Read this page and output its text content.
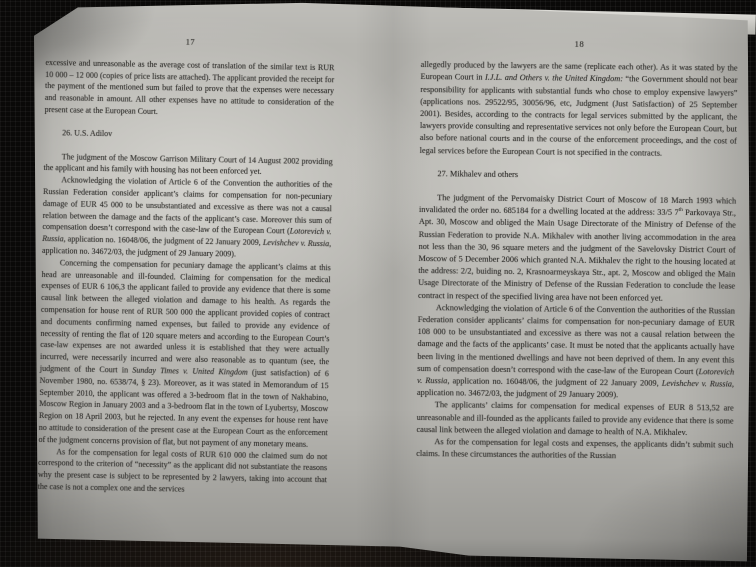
17

excessive and unreasonable as the average cost of translation of the similar text is RUR 10 000 – 12 000 (copies of price lists are attached). The applicant provided the receipt for the payment of the mentioned sum but failed to prove that the expenses were necessary and reasonable in amount. All other expenses have no attitude to consideration of the present case at the European Court.

26. U.S. Adilov

The judgment of the Moscow Garrison Military Court of 14 August 2002 providing the applicant and his family with housing has not been enforced yet.

Acknowledging the violation of Article 6 of the Convention the authorities of the Russian Federation consider applicant’s claims for compensation for non-pecuniary damage of EUR 45 000 to be unsubstantiated and excessive as there was not a causal relation between the damage and the facts of the applicant’s case. Moreover this sum of compensation doesn’t correspond with the case-law of the European Court (Lotorevich v. Russia, application no. 16048/06, the judgment of 22 January 2009, Levishchev v. Russia, application no. 34672/03, the judgment of 29 January 2009).

Concerning the compensation for pecuniary damage the applicant’s claims at this head are unreasonable and ill-founded. Claiming for compensation for the medical expenses of EUR 6 106,3 the applicant failed to provide any evidence that there is some causal link between the alleged violation and damage to his health. As regards the compensation for house rent of RUR 500 000 the applicant provided copies of contract and documents confirming named expenses, but failed to provide any evidence of necessity of renting the flat of 120 square meters and according to the European Court’s case-law expenses are not awarded unless it is established that they were actually incurred, were necessarily incurred and were also reasonable as to quantum (see, the judgment of the Court in Sunday Times v. United Kingdom (just satisfaction) of 6 November 1980, no. 6538/74, § 23). Moreover, as it was stated in Memorandum of 15 September 2010, the applicant was offered a 3-bedroom flat in the town of Nakhabino, Moscow Region in January 2003 and a 3-bedroom flat in the town of Lyubertsy, Moscow Region on 18 April 2003, but he rejected. In any event the expenses for house rent have no attitude to consideration of the present case at the European Court as the enforcement of the judgment concerns provision of flat, but not payment of any monetary means.

As for the compensation for legal costs of RUR 610 000 the claimed sum do not correspond to the criterion of “necessity” as the applicant did not substantiate the reasons why the present case is subject to be represented by 2 lawyers, taking into account that the case is not a complex one and the services

18

allegedly produced by the lawyers are the same (replicate each other). As it was stated by the European Court in I.J.L. and Others v. the United Kingdom: “the Government should not bear responsibility for applicants with substantial funds who chose to employ expensive lawyers” (applications nos. 29522/95, 30056/96, etc, Judgment (Just Satisfaction) of 25 September 2001). Besides, according to the contracts for legal services submitted by the applicant, the lawyers provide consulting and representative services not only before the European Court, but also before national courts and in the course of the enforcement proceedings, and the cost of legal services before the European Court is not specified in the contracts.

27. Mikhalev and others

The judgment of the Pervomaisky District Court of Moscow of 18 March 1993 which invalidated the order no. 685184 for a dwelling located at the address: 33/5 7th Parkovaya Str., Apt. 30, Moscow and obliged the Main Usage Directorate of the Ministry of Defense of the Russian Federation to provide N.A. Mikhalev with another living accommodation in the area not less than the 30, 96 square meters and the judgment of the Savelovsky District Court of Moscow of 5 December 2006 which granted N.A. Mikhalev the right to the housing located at the address: 2/2, buiding no. 2, Krasnoarmeyskaya Str., apt. 2, Moscow and obliged the Main Usage Directorate of the Ministry of Defense of the Russian Federation to conclude the lease contract in respect of the specified living area have not been enforced yet.

Acknowledging the violation of Article 6 of the Convention the authorities of the Russian Federation consider applicants’ claims for compensation for non-pecuniary damage of EUR 108 000 to be unsubstantiated and excessive as there was not a causal relation between the damage and the facts of the applicants’ case. It must be noted that the applicants actually have been living in the mentioned dwellings and have not been deprived of them. In any event this sum of compensation doesn’t correspond with the case-law of the European Court (Lotorevich v. Russia, application no. 16048/06, the judgment of 22 January 2009, Levishchev v. Russia, application no. 34672/03, the judgment of 29 January 2009).

The applicants’ claims for compensation for medical expenses of EUR 8 513,52 are unreasonable and ill-founded as the applicants failed to provide any evidence that there is some causal link between the alleged violation and damage to health of N.A. Mikhalev.

As for the compensation for legal costs and expenses, the applicants didn’t submit such claims. In these circumstances the authorities of the Russian
